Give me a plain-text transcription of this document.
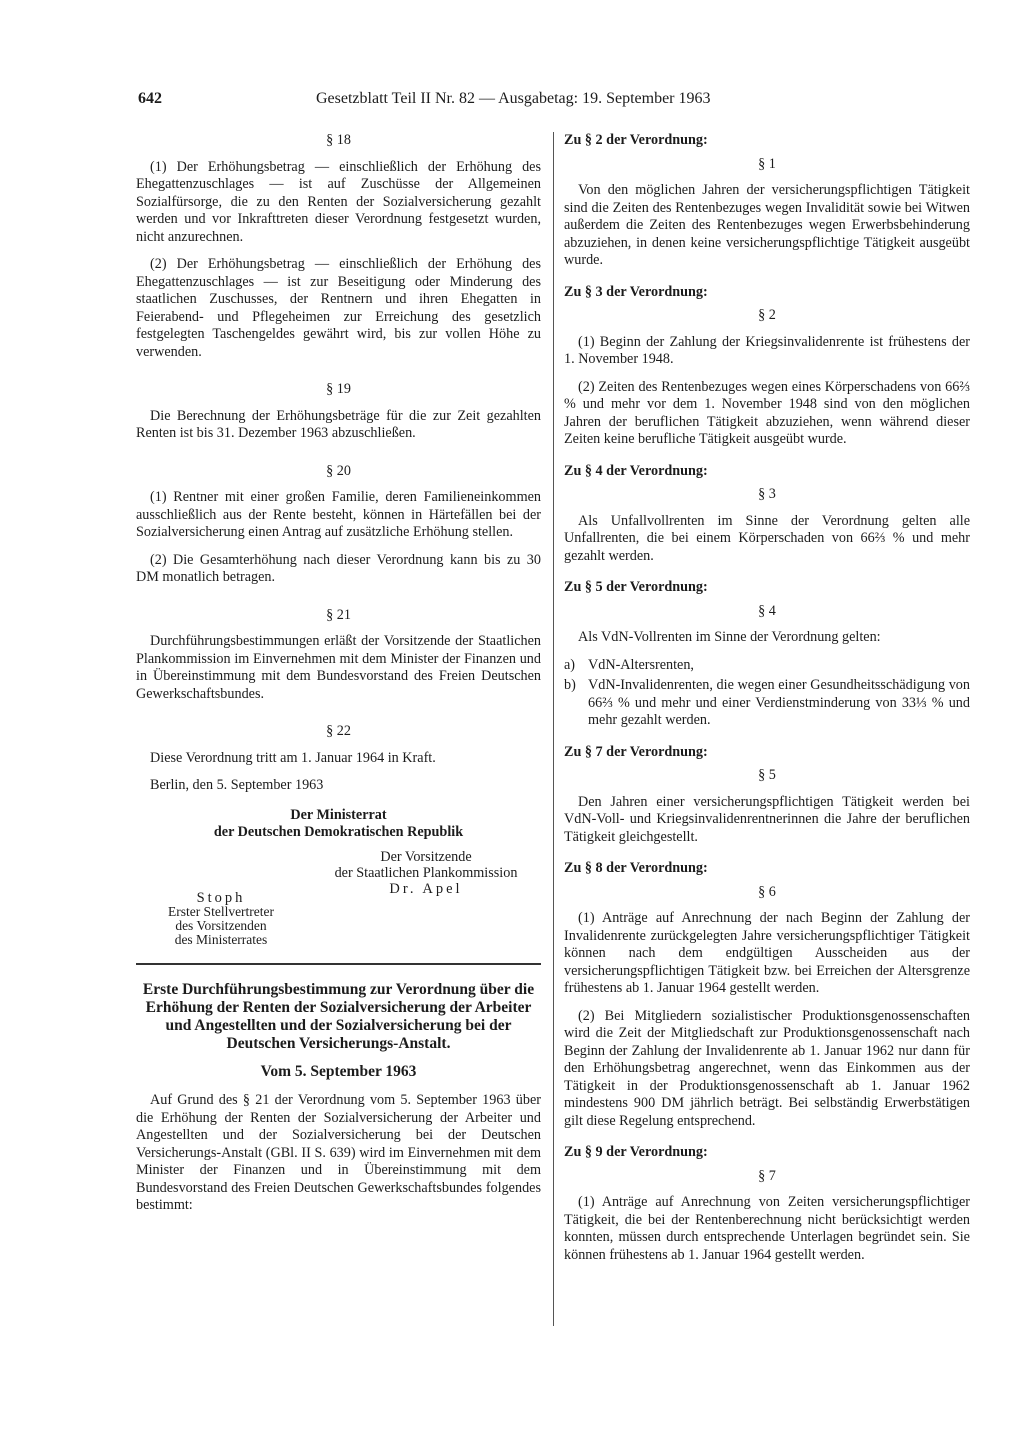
642	Gesetzblatt Teil II Nr. 82 — Ausgabetag: 19. September 1963
§ 18

(1) Der Erhöhungsbetrag — einschließlich der Erhöhung des Ehegattenzuschlages — ist auf Zuschüsse der Allgemeinen Sozialfürsorge, die zu den Renten der Sozialversicherung gezahlt werden und vor Inkrafttreten dieser Verordnung festgesetzt wurden, nicht anzurechnen.

(2) Der Erhöhungsbetrag — einschließlich der Erhöhung des Ehegattenzuschlages — ist zur Beseitigung oder Minderung des staatlichen Zuschusses, der Rentnern und ihren Ehegatten in Feierabend- und Pflegeheimen zur Erreichung des gesetzlich festgelegten Taschengeldes gewährt wird, bis zur vollen Höhe zu verwenden.

§ 19

Die Berechnung der Erhöhungsbeträge für die zur Zeit gezahlten Renten ist bis 31. Dezember 1963 abzuschließen.

§ 20

(1) Rentner mit einer großen Familie, deren Familieneinkommen ausschließlich aus der Rente besteht, können in Härtefällen bei der Sozialversicherung einen Antrag auf zusätzliche Erhöhung stellen.

(2) Die Gesamterhöhung nach dieser Verordnung kann bis zu 30 DM monatlich betragen.

§ 21

Durchführungsbestimmungen erläßt der Vorsitzende der Staatlichen Plankommission im Einvernehmen mit dem Minister der Finanzen und in Übereinstimmung mit dem Bundesvorstand des Freien Deutschen Gewerkschaftsbundes.

§ 22

Diese Verordnung tritt am 1. Januar 1964 in Kraft.

Berlin, den 5. September 1963
Der Ministerrat
der Deutschen Demokratischen Republik
Der Vorsitzende
der Staatlichen Plankommission
Dr. Apel
Stoph
Erster Stellvertreter
des Vorsitzenden
des Ministerrates
Erste Durchführungsbestimmung zur Verordnung über die Erhöhung der Renten der Sozialversicherung der Arbeiter und Angestellten und der Sozialversicherung bei der Deutschen Versicherungs-Anstalt.
Vom 5. September 1963

Auf Grund des § 21 der Verordnung vom 5. September 1963 über die Erhöhung der Renten der Sozialversicherung der Arbeiter und Angestellten und der Sozialversicherung bei der Deutschen Versicherungs-Anstalt (GBl. II S. 639) wird im Einvernehmen mit dem Minister der Finanzen und in Übereinstimmung mit dem Bundesvorstand des Freien Deutschen Gewerkschaftsbundes folgendes bestimmt:

Zu § 2 der Verordnung:
§ 1

Von den möglichen Jahren der versicherungspflichtigen Tätigkeit sind die Zeiten des Rentenbezuges wegen Invalidität sowie bei Witwen außerdem die Zeiten des Rentenbezuges wegen Erwerbsbehinderung abzuziehen, in denen keine versicherungspflichtige Tätigkeit ausgeübt wurde.

Zu § 3 der Verordnung:
§ 2

(1) Beginn der Zahlung der Kriegsinvalidenrente ist frühestens der 1. November 1948.

(2) Zeiten des Rentenbezuges wegen eines Körperschadens von 66⅔ % und mehr vor dem 1. November 1948 sind von den möglichen Jahren der beruflichen Tätigkeit abzuziehen, wenn während dieser Zeiten keine berufliche Tätigkeit ausgeübt wurde.

Zu § 4 der Verordnung:
§ 3

Als Unfallvollrenten im Sinne der Verordnung gelten alle Unfallrenten, die bei einem Körperschaden von 66⅔ % und mehr gezahlt werden.

Zu § 5 der Verordnung:
§ 4

Als VdN-Vollrenten im Sinne der Verordnung gelten:

a) VdN-Altersrenten,
b) VdN-Invalidenrenten, die wegen einer Gesundheitsschädigung von 66⅔ % und mehr und einer Verdienstminderung von 33⅓ % und mehr gezahlt werden.
Zu § 7 der Verordnung:
§ 5

Den Jahren einer versicherungspflichtigen Tätigkeit werden bei VdN-Voll- und Kriegsinvalidenrentnerinnen die Jahre der beruflichen Tätigkeit gleichgestellt.

Zu § 8 der Verordnung:
§ 6

(1) Anträge auf Anrechnung der nach Beginn der Zahlung der Invalidenrente zurückgelegten Jahre versicherungspflichtiger Tätigkeit können nach dem endgültigen Ausscheiden aus der versicherungspflichtigen Tätigkeit bzw. bei Erreichen der Altersgrenze frühestens ab 1. Januar 1964 gestellt werden.

(2) Bei Mitgliedern sozialistischer Produktionsgenossenschaften wird die Zeit der Mitgliedschaft zur Produktionsgenossenschaft nach Beginn der Zahlung der Invalidenrente ab 1. Januar 1962 nur dann für den Erhöhungsbetrag angerechnet, wenn das Einkommen aus der Tätigkeit in der Produktionsgenossenschaft ab 1. Januar 1962 mindestens 900 DM jährlich beträgt. Bei selbständig Erwerbstätigen gilt diese Regelung entsprechend.

Zu § 9 der Verordnung:
§ 7

(1) Anträge auf Anrechnung von Zeiten versicherungspflichtiger Tätigkeit, die bei der Rentenberechnung nicht berücksichtigt werden konnten, müssen durch entsprechende Unterlagen begründet sein. Sie können frühestens ab 1. Januar 1964 gestellt werden.
